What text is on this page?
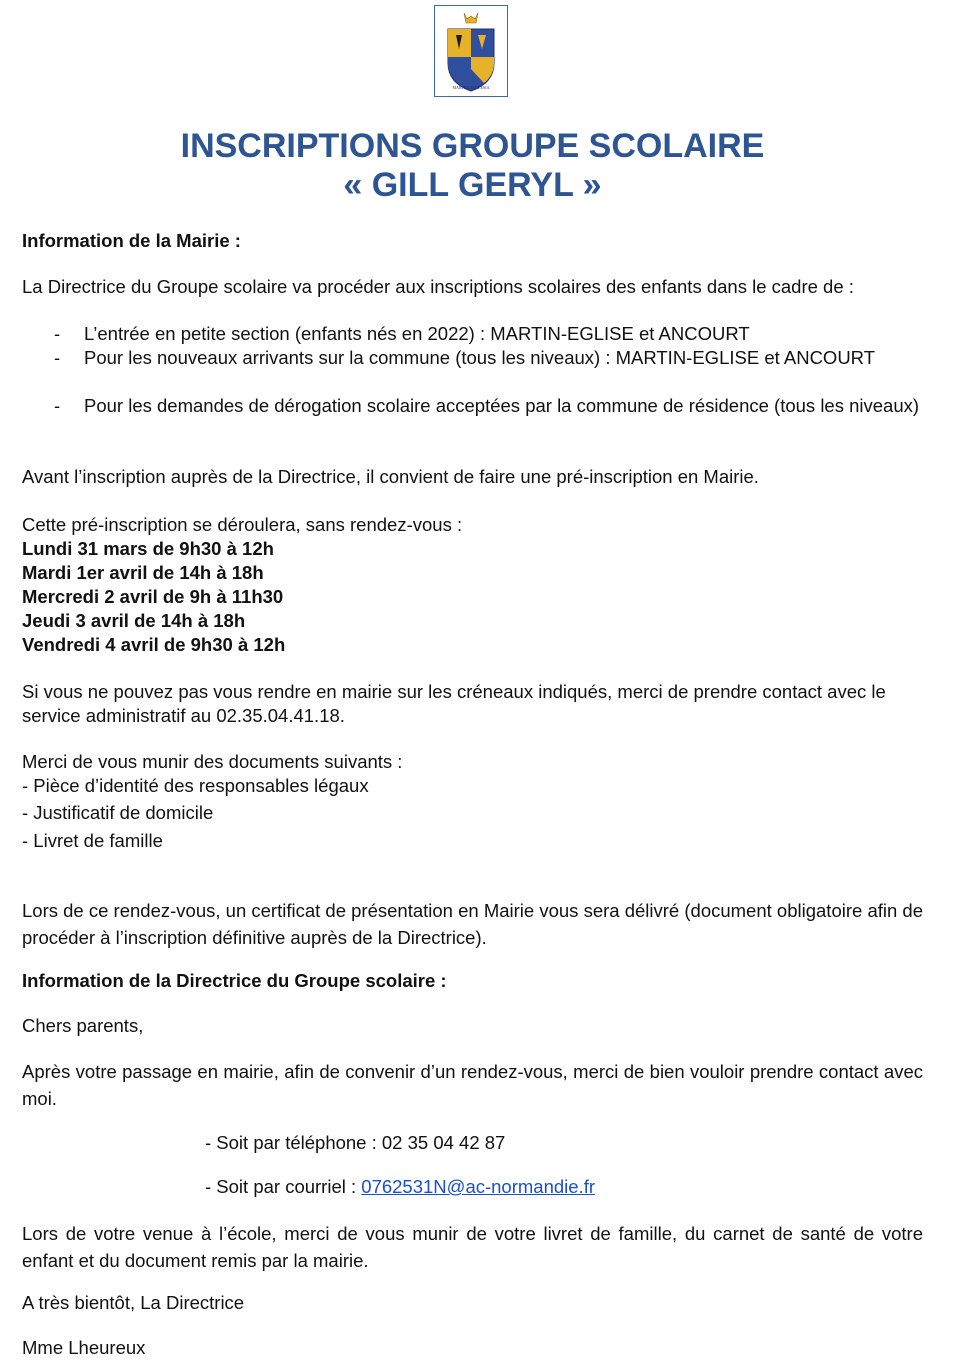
MARTINI ECCLESIA
INSCRIPTIONS GROUPE SCOLAIRE
« GILL GERYL »
Information de la Mairie :
La Directrice du Groupe scolaire va procéder aux inscriptions scolaires des enfants dans le cadre de :
- L’entrée en petite section (enfants nés en 2022) : MARTIN-EGLISE et ANCOURT
- Pour les nouveaux arrivants sur la commune (tous les niveaux) : MARTIN-EGLISE et ANCOURT
- Pour les demandes de dérogation scolaire acceptées par la commune de résidence (tous les niveaux)
Avant l’inscription auprès de la Directrice, il convient de faire une pré-inscription en Mairie.
Cette pré-inscription se déroulera, sans rendez-vous :
Lundi 31 mars de 9h30 à 12h
Mardi 1er avril de 14h à 18h
Mercredi 2 avril de 9h à 11h30
Jeudi 3 avril de 14h à 18h
Vendredi 4 avril de 9h30 à 12h
Si vous ne pouvez pas vous rendre en mairie sur les créneaux indiqués, merci de prendre contact avec le service administratif au 02.35.04.41.18.
Merci de vous munir des documents suivants :
- Pièce d’identité des responsables légaux
- Justificatif de domicile
- Livret de famille
Lors de ce rendez-vous, un certificat de présentation en Mairie vous sera délivré (document obligatoire afin de procéder à l’inscription définitive auprès de la Directrice).
Information de la Directrice du Groupe scolaire :
Chers parents,
Après votre passage en mairie, afin de convenir d’un rendez-vous, merci de bien vouloir prendre contact avec moi.
- Soit par téléphone : 02 35 04 42 87
- Soit par courriel : 0762531N@ac-normandie.fr
Lors de votre venue à l’école, merci de vous munir de votre livret de famille, du carnet de santé de votre enfant et du document remis par la mairie.
A très bientôt, La Directrice
Mme Lheureux
